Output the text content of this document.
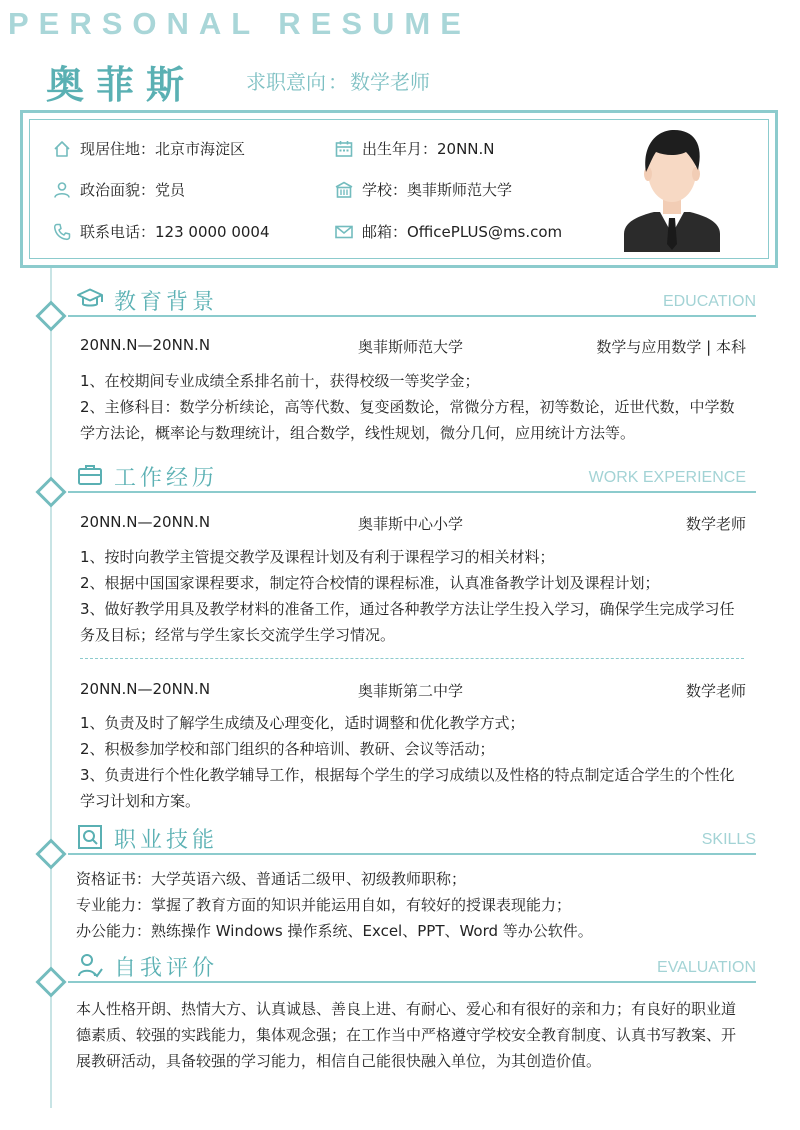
PERSONAL RESUME
奥菲斯 求职意向 ： 数学老师
现居住地：北京市海淀区	出生年月：20NN.N
政治面貌：党员	学校：奥菲斯师范大学
联系电话：123 0000 0004	邮箱：OfficePLUS@ms.com
教育背景	EDUCATION
20NN.N—20NN.N	奥菲斯师范大学	数学与应用数学 | 本科

1、在校期间专业成绩全系排名前十，获得校级一等奖学金；

2、主修科目：数学分析续论，高等代数、复变函数论，常微分方程，初等数论，近世代数，中学数学方法论，概率论与数理统计，组合数学，线性规划，微分几何，应用统计方法等。

工作经历	WORK EXPERIENCE
20NN.N—20NN.N	奥菲斯中心小学	数学老师

1、按时向教学主管提交教学及课程计划及有利于课程学习的相关材料；

2、根据中国国家课程要求，制定符合校情的课程标准，认真准备教学计划及课程计划；

3、做好教学用具及教学材料的准备工作，通过各种教学方法让学生投入学习，确保学生完成学习任务及目标；经常与学生家长交流学生学习情况。

20NN.N—20NN.N	奥菲斯第二中学	数学老师

1、负责及时了解学生成绩及心理变化，适时调整和优化教学方式；

2、积极参加学校和部门组织的各种培训、教研、会议等活动；

3、负责进行个性化教学辅导工作，根据每个学生的学习成绩以及性格的特点制定适合学生的个性化学习计划和方案。

职业技能	SKILLS

资格证书：大学英语六级、普通话二级甲、初级教师职称；

专业能力：掌握了教育方面的知识并能运用自如，有较好的授课表现能力；

办公能力：熟练操作 Windows 操作系统、Excel、PPT、Word 等办公软件。

自我评价	EVALUATION
本人性格开朗、热情大方、认真诚恳、善良上进、有耐心、爱心和有很好的亲和力；有良好的职业道德素质、较强的实践能力，集体观念强；在工作当中严格遵守学校安全教育制度、认真书写教案、开展教研活动，具备较强的学习能力，相信自己能很快融入单位，为其创造价值。
